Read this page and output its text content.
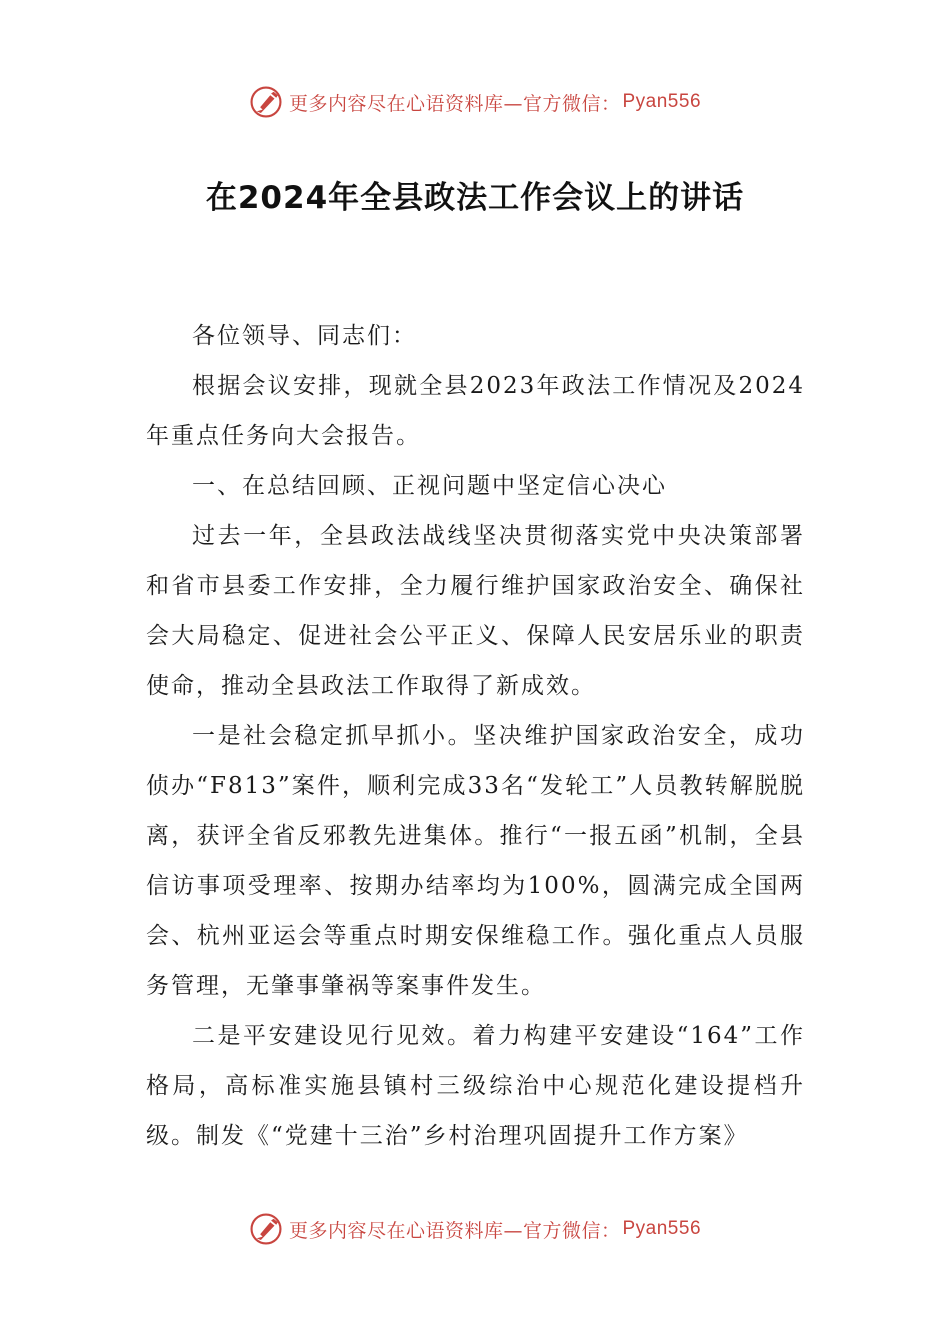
更多内容尽在心语资料库—官方微信： Pyan556
在2024年全县政法工作会议上的讲话

各位领导、同志们：

根据会议安排，现就全县2023年政法工作情况及2024年重点任务向大会报告。

一、在总结回顾、正视问题中坚定信心决心

过去一年，全县政法战线坚决贯彻落实党中央决策部署和省市县委工作安排，全力履行维护国家政治安全、确保社会大局稳定、促进社会公平正义、保障人民安居乐业的职责使命，推动全县政法工作取得了新成效。

一是社会稳定抓早抓小。坚决维护国家政治安全，成功侦办“F813”案件，顺利完成33名“发轮工”人员教转解脱脱离，获评全省反邪教先进集体。推行“一报五函”机制，全县信访事项受理率、按期办结率均为100%，圆满完成全国两会、杭州亚运会等重点时期安保维稳工作。强化重点人员服务管理，无肇事肇祸等案事件发生。

二是平安建设见行见效。着力构建平安建设“164”工作格局，高标准实施县镇村三级综治中心规范化建设提档升级。制发《“党建十三治”乡村治理巩固提升工作方案》

更多内容尽在心语资料库—官方微信： Pyan556
